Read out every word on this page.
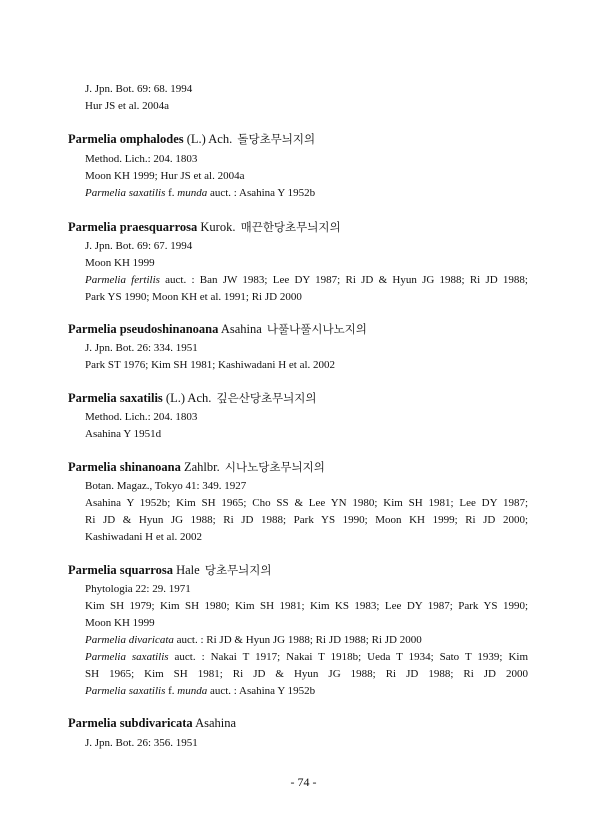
J. Jpn. Bot. 69: 68. 1994
Hur JS et al. 2004a
Parmelia omphalodes (L.) Ach. 돌당초무늬지의
Method. Lich.: 204. 1803
Moon KH 1999; Hur JS et al. 2004a
Parmelia saxatilis f. munda auct. : Asahina Y 1952b
Parmelia praesquarrosa Kurok. 매끈한당초무늬지의
J. Jpn. Bot. 69: 67. 1994
Moon KH 1999
Parmelia fertilis auct. : Ban JW 1983; Lee DY 1987; Ri JD & Hyun JG 1988; Ri JD 1988;
Park YS 1990; Moon KH et al. 1991; Ri JD 2000
Parmelia pseudoshinanoana Asahina 나풀나풀시나노지의
J. Jpn. Bot. 26: 334. 1951
Park ST 1976; Kim SH 1981; Kashiwadani H et al. 2002
Parmelia saxatilis (L.) Ach. 깊은산당초무늬지의
Method. Lich.: 204. 1803
Asahina Y 1951d
Parmelia shinanoana Zahlbr. 시나노당초무늬지의
Botan. Magaz., Tokyo 41: 349. 1927
Asahina Y 1952b; Kim SH 1965; Cho SS & Lee YN 1980; Kim SH 1981; Lee DY 1987;
Ri JD & Hyun JG 1988; Ri JD 1988; Park YS 1990; Moon KH 1999; Ri JD 2000;
Kashiwadani H et al. 2002
Parmelia squarrosa Hale 당초무늬지의
Phytologia 22: 29. 1971
Kim SH 1979; Kim SH 1980; Kim SH 1981; Kim KS 1983; Lee DY 1987; Park YS 1990;
Moon KH 1999
Parmelia divaricata auct. : Ri JD & Hyun JG 1988; Ri JD 1988; Ri JD 2000
Parmelia saxatilis auct. : Nakai T 1917; Nakai T 1918b; Ueda T 1934; Sato T 1939; Kim
SH 1965; Kim SH 1981; Ri JD & Hyun JG 1988; Ri JD 1988; Ri JD 2000
Parmelia saxatilis f. munda auct. : Asahina Y 1952b
Parmelia subdivaricata Asahina
J. Jpn. Bot. 26: 356. 1951
- 74 -
